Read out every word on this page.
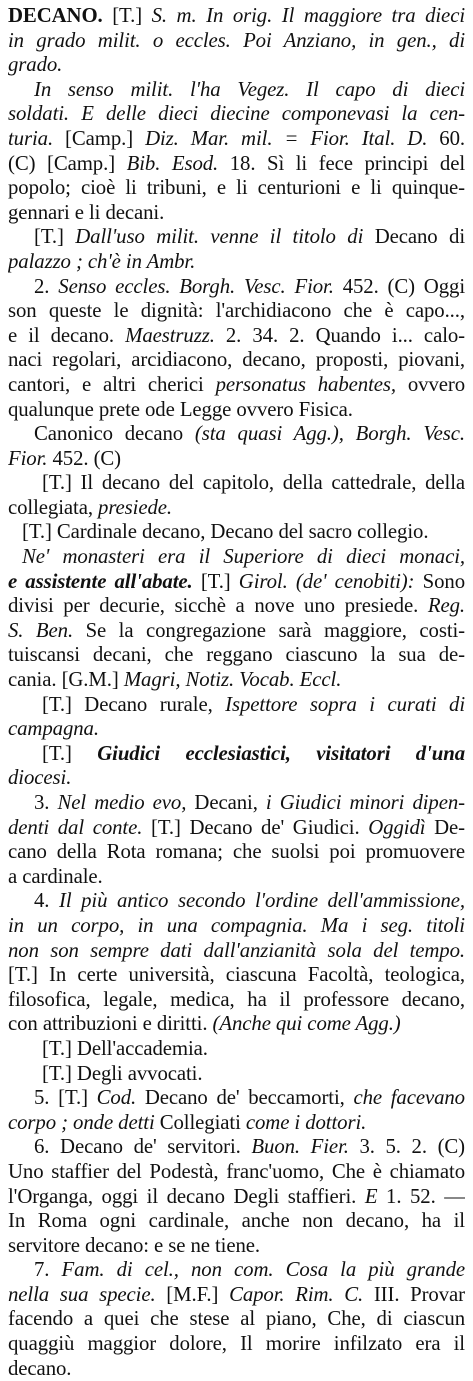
DECANO. [T.] S. m. In orig. Il maggiore tra dieci
in grado milit. o eccles. Poi Anziano, in gen., di
grado.
In senso milit. l'ha Vegez. Il capo di dieci
soldati. E delle dieci diecine componevasi la cen-
turia. [Camp.] Diz. Mar. mil. = Fior. Ital. D. 60.
(C) [Camp.] Bib. Esod. 18. Sì li fece principi del
popolo; cioè li tribuni, e li centurioni e li quinque-
gennari e li decani.
[T.] Dall'uso milit. venne il titolo di Decano di
palazzo ; ch'è in Ambr.
2. Senso eccles. Borgh. Vesc. Fior. 452. (C) Oggi
son queste le dignità: l'archidiacono che è capo...,
e il decano. Maestruzz. 2. 34. 2. Quando i... calo-
naci regolari, arcidiacono, decano, proposti, piovani,
cantori, e altri cherici personatus habentes, ovvero
qualunque prete ode Legge ovvero Fisica.
Canonico decano (sta quasi Agg.), Borgh. Vesc.
Fior. 452. (C)
[T.] Il decano del capitolo, della cattedrale, della
collegiata, presiede.
[T.] Cardinale decano, Decano del sacro collegio.
Ne' monasteri era il Superiore di dieci monaci,
e assistente all'abate. [T.] Girol. (de' cenobiti): Sono
divisi per decurie, sicchè a nove uno presiede. Reg.
S. Ben. Se la congregazione sarà maggiore, costi-
tuiscansi decani, che reggano ciascuno la sua de-
cania. [G.M.] Magri, Notiz. Vocab. Eccl.
[T.] Decano rurale, Ispettore sopra i curati di
campagna.
[T.] Giudici ecclesiastici, visitatori d'una
diocesi.
3. Nel medio evo, Decani, i Giudici minori dipen-
denti dal conte. [T.] Decano de' Giudici. Oggidì De-
cano della Rota romana; che suolsi poi promuovere
a cardinale.
4. Il più antico secondo l'ordine dell'ammissione,
in un corpo, in una compagnia. Ma i seg. titoli
non son sempre dati dall'anzianità sola del tempo.
[T.] In certe università, ciascuna Facoltà, teologica,
filosofica, legale, medica, ha il professore decano,
con attribuzioni e diritti. (Anche qui come Agg.)
[T.] Dell'accademia.
[T.] Degli avvocati.
5. [T.] Cod. Decano de' beccamorti, che facevano
corpo ; onde detti Collegiati come i dottori.
6. Decano de' servitori. Buon. Fier. 3. 5. 2. (C)
Uno staffier del Podestà, franc'uomo, Che è chiamato
l'Organga, oggi il decano Degli staffieri. E 1. 52. —
In Roma ogni cardinale, anche non decano, ha il
servitore decano: e se ne tiene.
7. Fam. di cel., non com. Cosa la più grande
nella sua specie. [M.F.] Capor. Rim. C. III. Provar
facendo a quei che stese al piano, Che, di ciascun
quaggiù maggior dolore, Il morire infilzato era il
decano.
